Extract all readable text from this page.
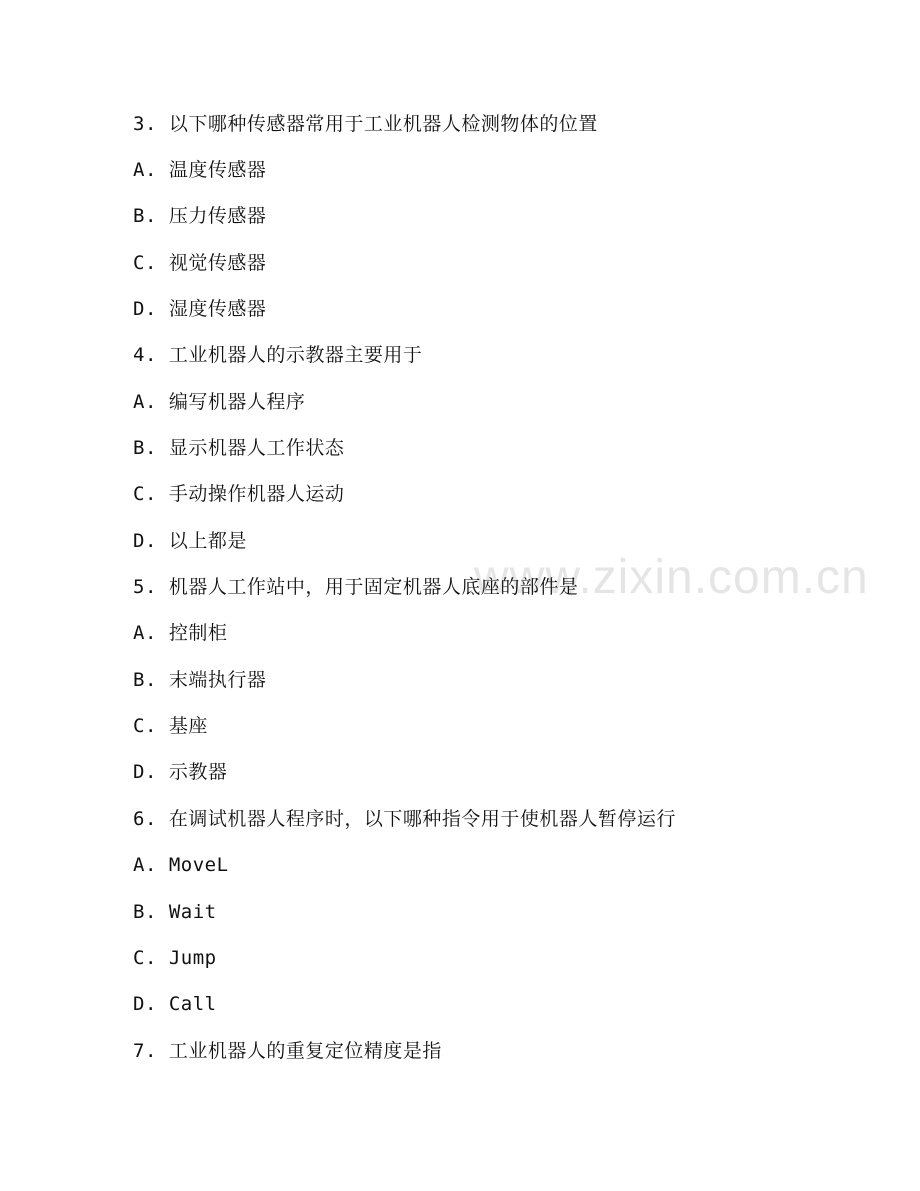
3. 以下哪种传感器常用于工业机器人检测物体的位置
A. 温度传感器
B. 压力传感器
C. 视觉传感器
D. 湿度传感器
4. 工业机器人的示教器主要用于
A. 编写机器人程序
B. 显示机器人工作状态
C. 手动操作机器人运动
D. 以上都是
5. 机器人工作站中，用于固定机器人底座的部件是
A. 控制柜
B. 末端执行器
C. 基座
D. 示教器
6. 在调试机器人程序时，以下哪种指令用于使机器人暂停运行
A. MoveL
B. Wait
C. Jump
D. Call
7. 工业机器人的重复定位精度是指
www.zixin.com.cn
